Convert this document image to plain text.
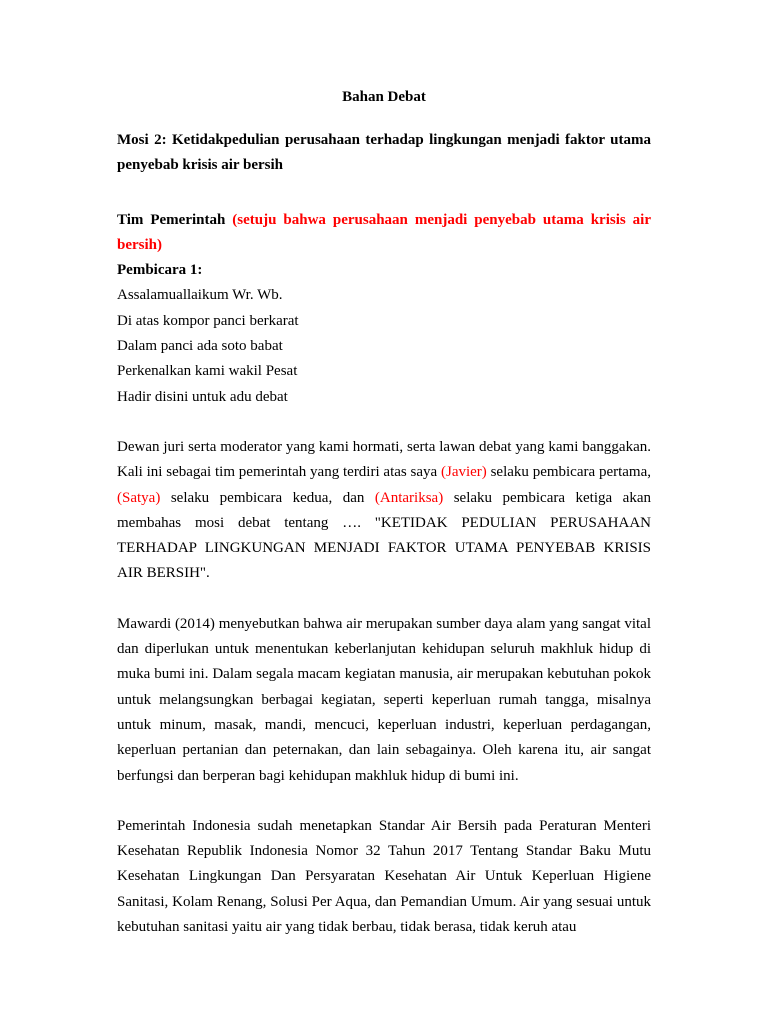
Bahan Debat

Mosi 2: Ketidakpedulian perusahaan terhadap lingkungan menjadi faktor utama penyebab krisis air bersih

Tim Pemerintah (setuju bahwa perusahaan menjadi penyebab utama krisis air bersih)

Pembicara 1:

Assalamuallaikum Wr. Wb.
Di atas kompor panci berkarat
Dalam panci ada soto babat
Perkenalkan kami wakil Pesat
Hadir disini untuk adu debat

Dewan juri serta moderator yang kami hormati, serta lawan debat yang kami banggakan. Kali ini sebagai tim pemerintah yang terdiri atas saya (Javier) selaku pembicara pertama, (Satya) selaku pembicara kedua, dan (Antariksa) selaku pembicara ketiga akan membahas mosi debat tentang …. "KETIDAK PEDULIAN PERUSAHAAN TERHADAP LINGKUNGAN MENJADI FAKTOR UTAMA PENYEBAB KRISIS AIR BERSIH".

Mawardi (2014) menyebutkan bahwa air merupakan sumber daya alam yang sangat vital dan diperlukan untuk menentukan keberlanjutan kehidupan seluruh makhluk hidup di muka bumi ini. Dalam segala macam kegiatan manusia, air merupakan kebutuhan pokok untuk melangsungkan berbagai kegiatan, seperti keperluan rumah tangga, misalnya untuk minum, masak, mandi, mencuci, keperluan industri, keperluan perdagangan, keperluan pertanian dan peternakan, dan lain sebagainya. Oleh karena itu, air sangat berfungsi dan berperan bagi kehidupan makhluk hidup di bumi ini.

Pemerintah Indonesia sudah menetapkan Standar Air Bersih pada Peraturan Menteri Kesehatan Republik Indonesia Nomor 32 Tahun 2017 Tentang Standar Baku Mutu Kesehatan Lingkungan Dan Persyaratan Kesehatan Air Untuk Keperluan Higiene Sanitasi, Kolam Renang, Solusi Per Aqua, dan Pemandian Umum. Air yang sesuai untuk kebutuhan sanitasi yaitu air yang tidak berbau, tidak berasa, tidak keruh atau
